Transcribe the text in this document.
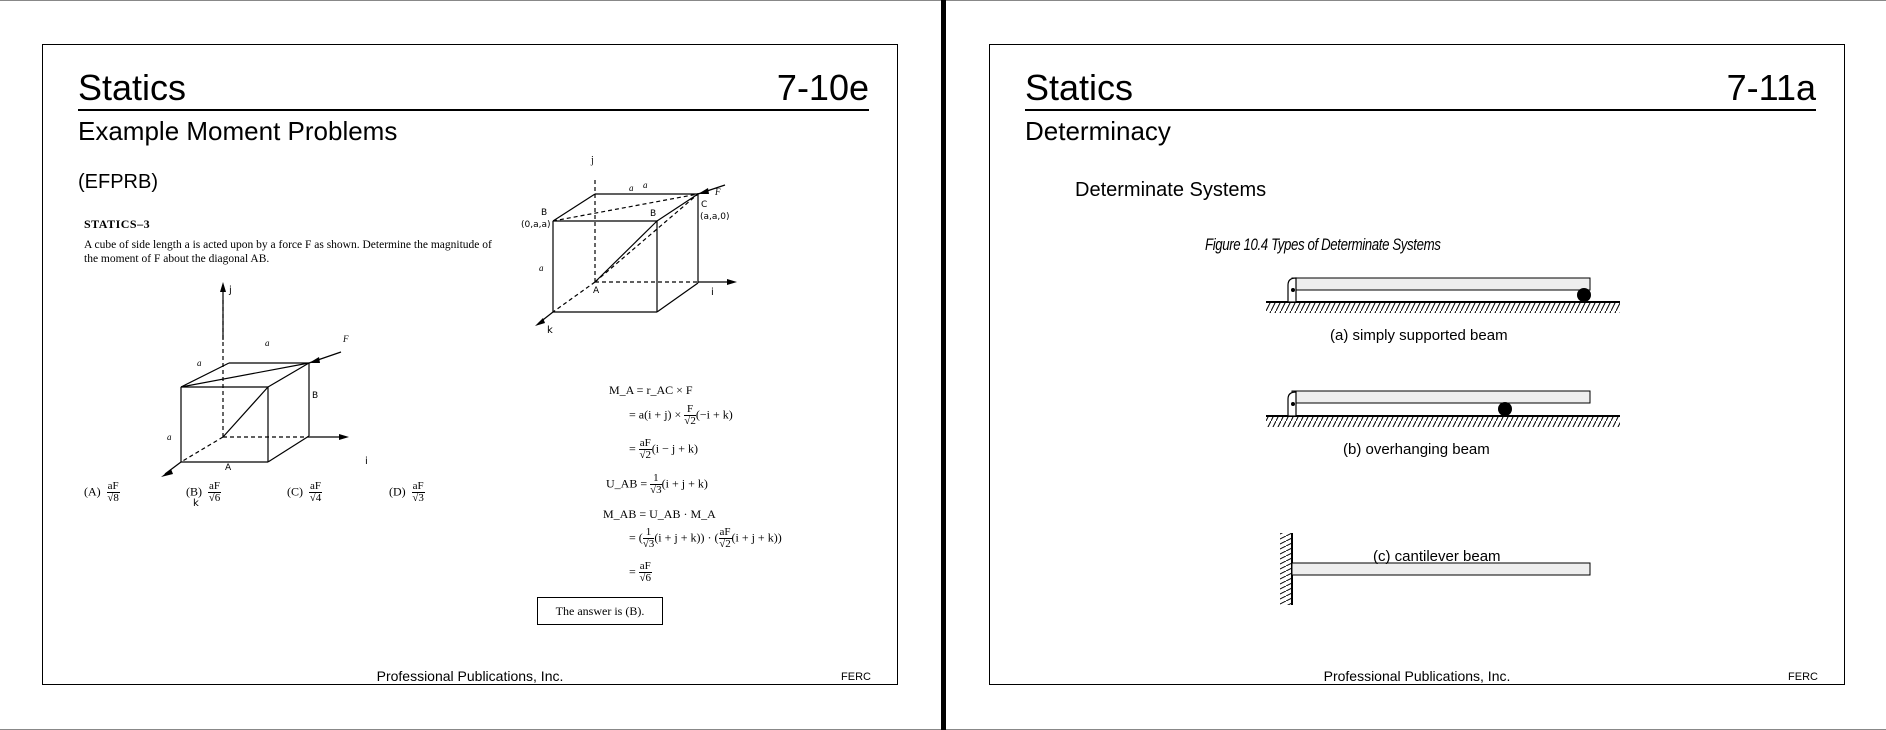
Statics	7-10e
Example Moment Problems
(EFPRB)
STATICS–3
A cube of side length a is acted upon by a force F as shown. Determine the magnitude of the moment of F about the diagonal AB.
j
a	F
a
B
a
A
i
k
$(A) \frac{aF}{√8}$	$(B) \frac{aF}{√6}$	$(C) \frac{aF}{√4}$	$(D) \frac{aF}{√3}$
F
C
(a,a,0)
B
(0,a,a)
B
a
a
A	i
k
j
a
M_A = r_AC × F
= $a(i + j) \times \frac{F}{√2} (-i + k)$
= $\frac{aF}{√2} (i - j + k)$
U_AB = $\frac{1}{√3} (i + j + k)$
M_AB = U_AB · M_A
= ( $\frac{1}{√3} (i + j + k)$) · ( $\frac{aF}{√2} (i + j + k)$)
= $\frac{aF}{√6}$
The answer is (B).
Professional Publications, Inc.	FERC
Statics	7-11a
Determinacy
Determinate Systems
Figure 10.4 Types of Determinate Systems
(a) simply supported beam
(b) overhanging beam
(c) cantilever beam
Professional Publications, Inc.	FERC
